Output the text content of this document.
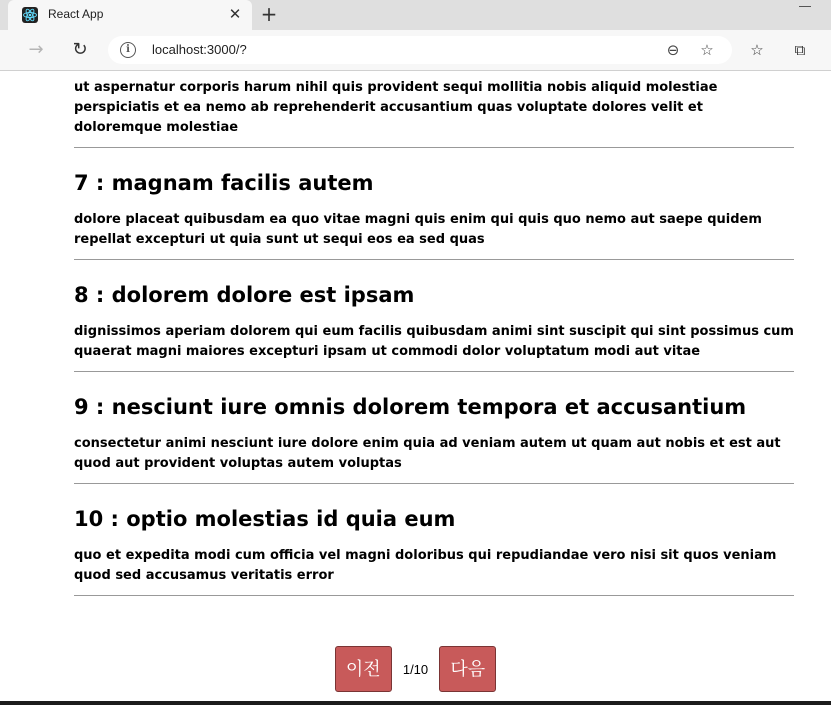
React App	✕ +
→ ↻	i	localhost:3000/?	⊖ ☆ ☆	⧉

ut aspernatur corporis harum nihil quis provident sequi mollitia nobis aliquid molestiae perspiciatis et ea nemo ab reprehenderit accusantium quas voluptate dolores velit et doloremque molestiae

7 : magnam facilis autem

dolore placeat quibusdam ea quo vitae magni quis enim qui quis quo nemo aut saepe quidem repellat excepturi ut quia sunt ut sequi eos ea sed quas

8 : dolorem dolore est ipsam

dignissimos aperiam dolorem qui eum facilis quibusdam animi sint suscipit qui sint possimus cum quaerat magni maiores excepturi ipsam ut commodi dolor voluptatum modi aut vitae

9 : nesciunt iure omnis dolorem tempora et accusantium

consectetur animi nesciunt iure dolore enim quia ad veniam autem ut quam aut nobis et est aut quod aut provident voluptas autem voluptas

10 : optio molestias id quia eum

quo et expedita modi cum officia vel magni doloribus qui repudiandae vero nisi sit quos veniam quod sed accusamus veritatis error

이전 1/10 다음
